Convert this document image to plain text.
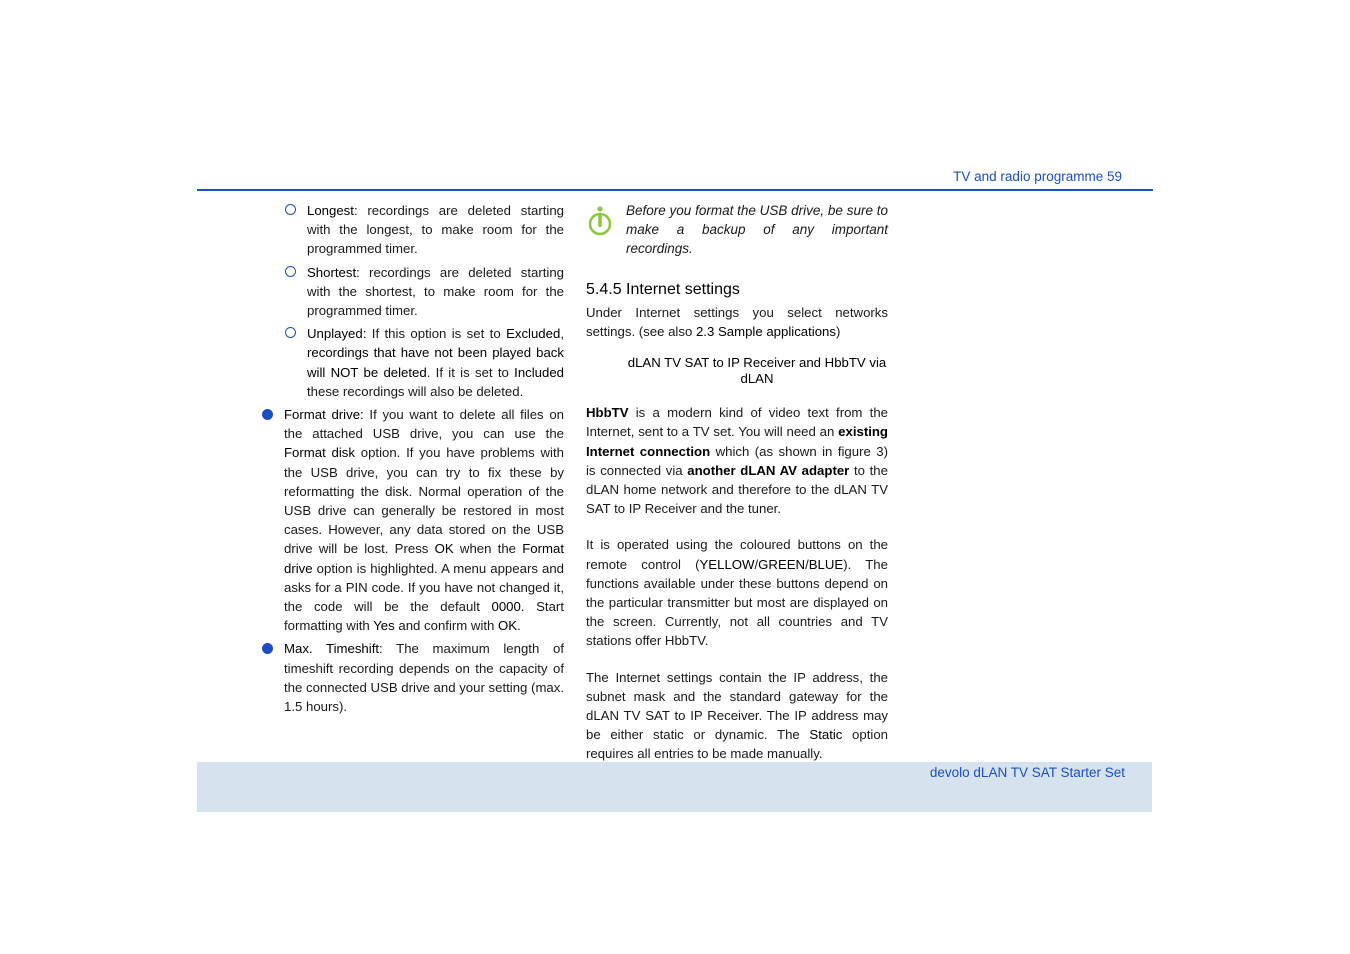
TV and radio programme 59
Longest: recordings are deleted starting with the longest, to make room for the programmed timer.
Shortest: recordings are deleted starting with the shortest, to make room for the programmed timer.
Unplayed: If this option is set to Excluded, recordings that have not been played back will NOT be deleted. If it is set to Included these recordings will also be deleted.
Format drive: If you want to delete all files on the attached USB drive, you can use the Format disk option. If you have problems with the USB drive, you can try to fix these by reformatting the disk. Normal operation of the USB drive can generally be restored in most cases. However, any data stored on the USB drive will be lost. Press OK when the Format drive option is highlighted. A menu appears and asks for a PIN code. If you have not changed it, the code will be the default 0000. Start formatting with Yes and confirm with OK.
Max. Timeshift: The maximum length of timeshift recording depends on the capacity of the connected USB drive and your setting (max. 1.5 hours).
Before you format the USB drive, be sure to make a backup of any important recordings.
5.4.5 Internet settings
Under Internet settings you select networks settings. (see also 2.3 Sample applications)
dLAN TV SAT to IP Receiver and HbbTV via dLAN

HbbTV is a modern kind of video text from the Internet, sent to a TV set. You will need an existing Internet connection which (as shown in figure 3) is connected via another dLAN AV adapter to the dLAN home network and therefore to the dLAN TV SAT to IP Receiver and the tuner.

It is operated using the coloured buttons on the remote control (YELLOW/GREEN/BLUE). The functions available under these buttons depend on the particular transmitter but most are displayed on the screen. Currently, not all countries and TV stations offer HbbTV.

The Internet settings contain the IP address, the subnet mask and the standard gateway for the dLAN TV SAT to IP Receiver. The IP address may be either static or dynamic. The Static option requires all entries to be made manually.

devolo dLAN TV SAT Starter Set
